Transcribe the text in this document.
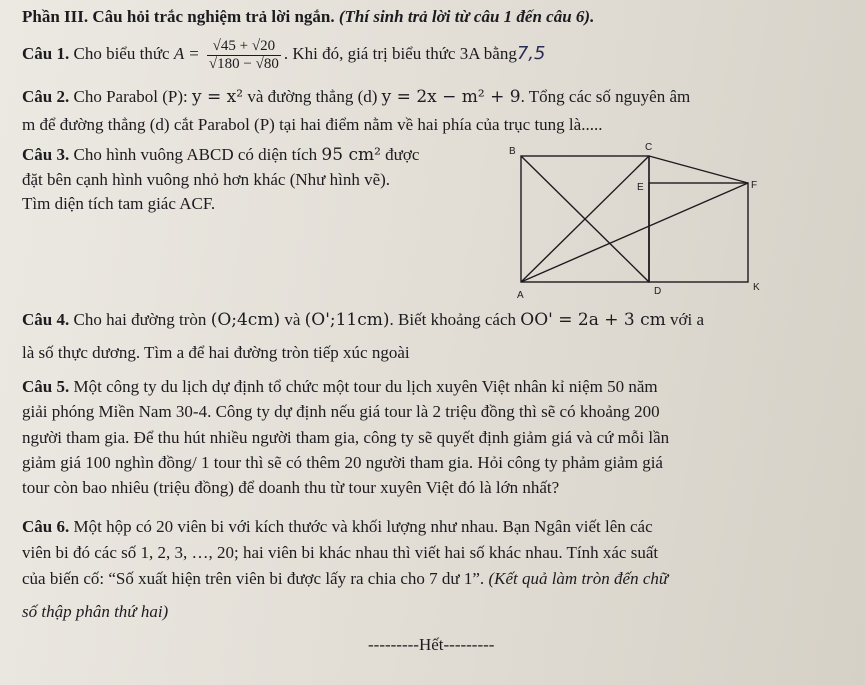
Phần III. Câu hỏi trắc nghiệm trả lời ngắn. (Thí sinh trả lời từ câu 1 đến câu 6).
Câu 1. Cho biểu thức $A = \frac{√45 + √20}{√180 - √80}$ . Khi đó, giá trị biểu thức 3A bằng7,5
Câu 2. Cho Parabol (P): y = x² và đường thẳng (d) y = 2x − m² + 9. Tổng các số nguyên âm
m để đường thẳng (d) cắt Parabol (P) tại hai điểm nằm về hai phía của trục tung là.....
Câu 3. Cho hình vuông ABCD có diện tích 95 cm² được
đặt bên cạnh hình vuông nhỏ hơn khác (Như hình vẽ).
Tìm diện tích tam giác ACF.
B	C
E	F
A	D	K
Câu 4. Cho hai đường tròn (O;4cm) và (O';11cm). Biết khoảng cách OO' = 2a + 3 cm với a
là số thực dương. Tìm a để hai đường tròn tiếp xúc ngoài
Câu 5. Một công ty du lịch dự định tổ chức một tour du lịch xuyên Việt nhân kỉ niệm 50 năm
giải phóng Miền Nam 30-4. Công ty dự định nếu giá tour là 2 triệu đồng thì sẽ có khoảng 200
người tham gia. Để thu hút nhiều người tham gia, công ty sẽ quyết định giảm giá và cứ mỗi lần
giảm giá 100 nghìn đồng/ 1 tour thì sẽ có thêm 20 người tham gia. Hỏi công ty phảm giảm giá
tour còn bao nhiêu (triệu đồng) để doanh thu từ tour xuyên Việt đó là lớn nhất?
Câu 6. Một hộp có 20 viên bi với kích thước và khối lượng như nhau. Bạn Ngân viết lên các
viên bi đó các số 1, 2, 3, …, 20; hai viên bi khác nhau thì viết hai số khác nhau. Tính xác suất
của biến cố: “Số xuất hiện trên viên bi được lấy ra chia cho 7 dư 1”. (Kết quả làm tròn đến chữ
số thập phân thứ hai)
---------Hết---------
